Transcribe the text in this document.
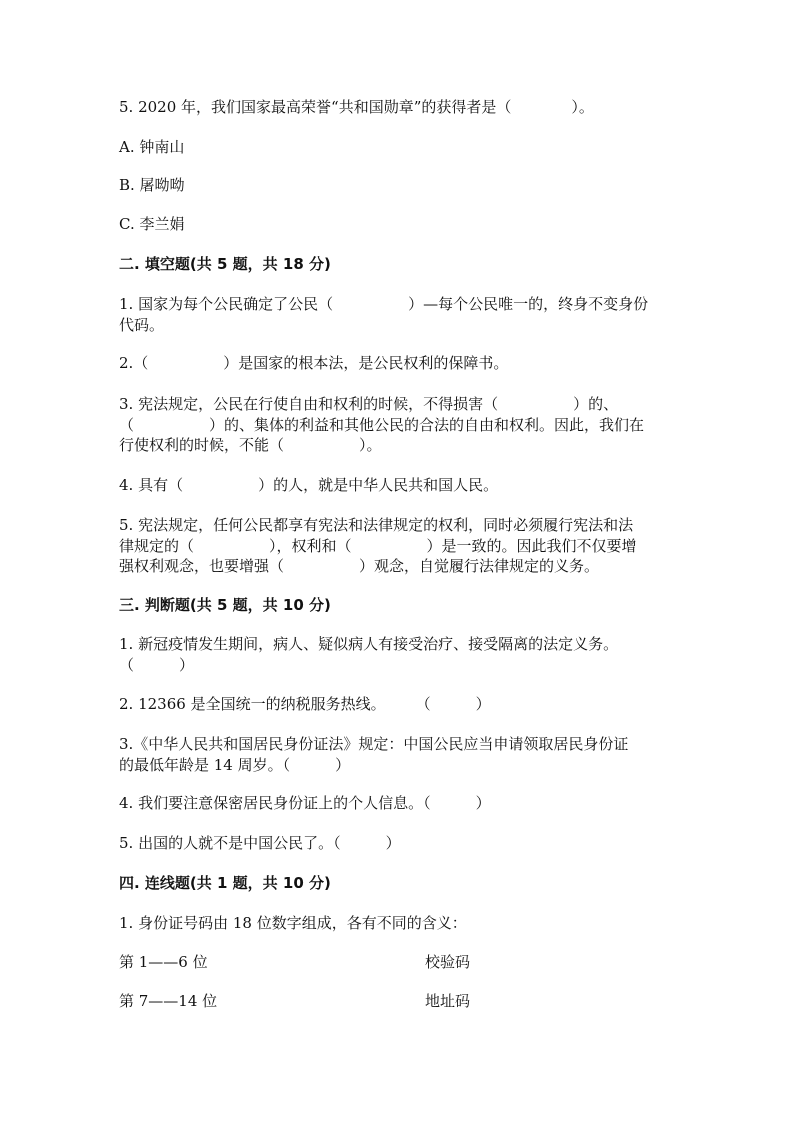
5. 2020 年，我们国家最高荣誉“共和国勋章”的获得者是（　　　　）。
A. 钟南山
B. 屠呦呦
C. 李兰娟
二. 填空题(共 5 题，共 18 分)
1. 国家为每个公民确定了公民（　　　　　）—每个公民唯一的，终身不变身份
代码。
2.（　　　　　）是国家的根本法，是公民权利的保障书。
3. 宪法规定，公民在行使自由和权利的时候，不得损害（　　　　　）的、
（　　　　　）的、集体的利益和其他公民的合法的自由和权利。因此，我们在
行使权利的时候，不能（　　　　　）。
4. 具有（　　　　　）的人，就是中华人民共和国人民。
5. 宪法规定，任何公民都享有宪法和法律规定的权利，同时必须履行宪法和法
律规定的（　　　　　），权利和（　　　　　）是一致的。因此我们不仅要增
强权利观念，也要增强（　　　　　）观念，自觉履行法律规定的义务。
三. 判断题(共 5 题，共 10 分)
1. 新冠疫情发生期间，病人、疑似病人有接受治疗、接受隔离的法定义务。
（　　　）
2. 12366 是全国统一的纳税服务热线。　　　（　　　）
3.《中华人民共和国居民身份证法》规定：中国公民应当申请领取居民身份证
的最低年龄是 14 周岁。（　　　）
4. 我们要注意保密居民身份证上的个人信息。（　　　）
5. 出国的人就不是中国公民了。（　　　）
四. 连线题(共 1 题，共 10 分)
1. 身份证号码由 18 位数字组成，各有不同的含义：
第 1——6 位	校验码
第 7——14 位	地址码
